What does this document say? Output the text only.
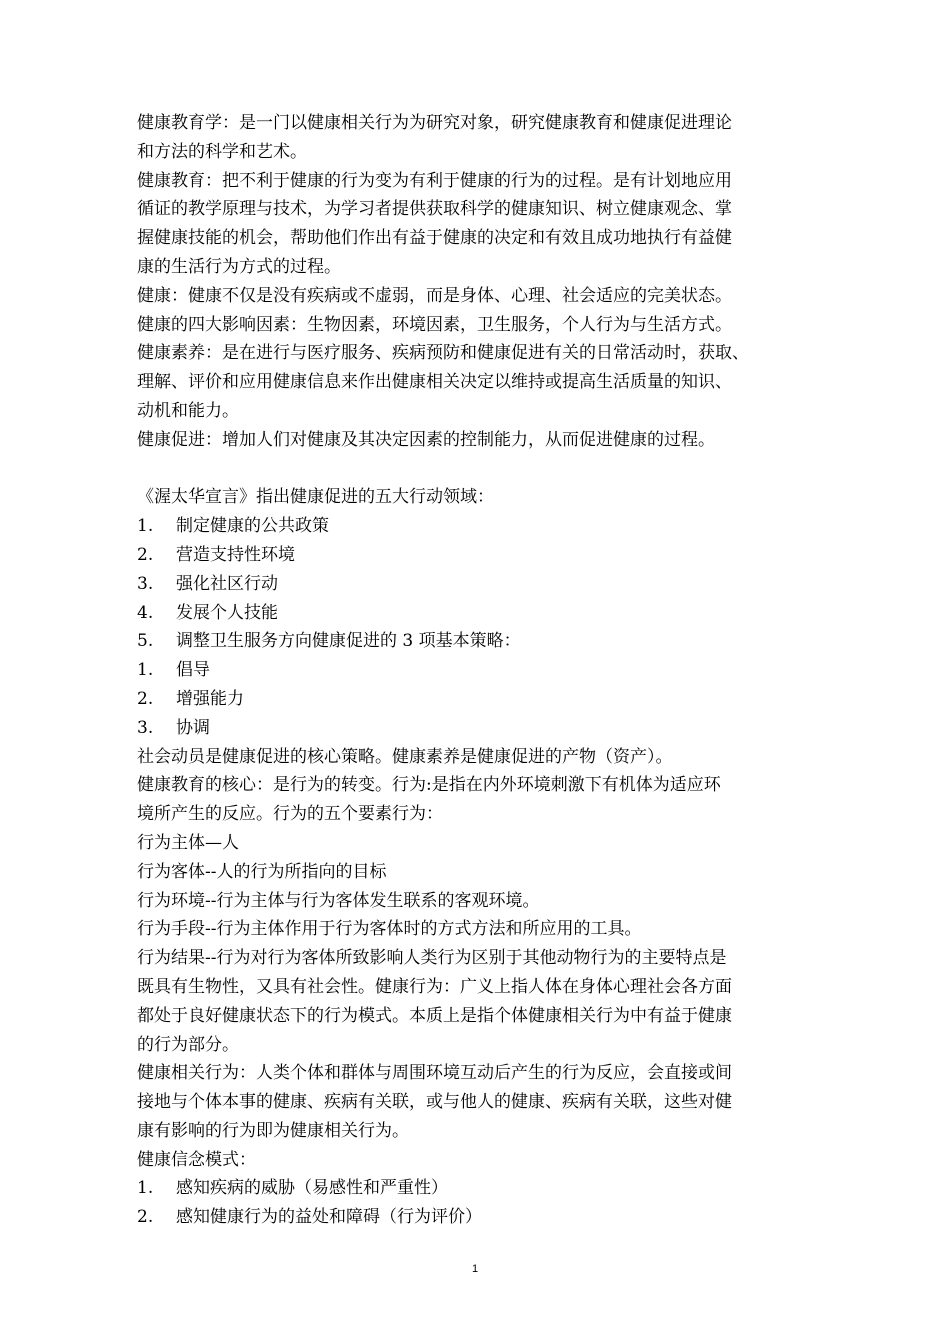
健康教育学：是一门以健康相关行为为研究对象，研究健康教育和健康促进理论
和方法的科学和艺术。
健康教育：把不利于健康的行为变为有利于健康的行为的过程。是有计划地应用
循证的教学原理与技术，为学习者提供获取科学的健康知识、树立健康观念、掌
握健康技能的机会，帮助他们作出有益于健康的决定和有效且成功地执行有益健
康的生活行为方式的过程。
健康：健康不仅是没有疾病或不虚弱，而是身体、心理、社会适应的完美状态。
健康的四大影响因素：生物因素，环境因素，卫生服务，个人行为与生活方式。
健康素养：是在进行与医疗服务、疾病预防和健康促进有关的日常活动时，获取、
理解、评价和应用健康信息来作出健康相关决定以维持或提高生活质量的知识、
动机和能力。
健康促进：增加人们对健康及其决定因素的控制能力，从而促进健康的过程。
《渥太华宣言》指出健康促进的五大行动领域：
1. 制定健康的公共政策
2. 营造支持性环境
3. 强化社区行动
4. 发展个人技能
5. 调整卫生服务方向健康促进的 3 项基本策略：
1. 倡导
2. 增强能力
3. 协调
社会动员是健康促进的核心策略。健康素养是健康促进的产物（资产）。
健康教育的核心：是行为的转变。行为:是指在内外环境刺激下有机体为适应环
境所产生的反应。行为的五个要素行为：
行为主体—人
行为客体--人的行为所指向的目标
行为环境--行为主体与行为客体发生联系的客观环境。
行为手段--行为主体作用于行为客体时的方式方法和所应用的工具。
行为结果--行为对行为客体所致影响人类行为区别于其他动物行为的主要特点是
既具有生物性，又具有社会性。健康行为：广义上指人体在身体心理社会各方面
都处于良好健康状态下的行为模式。本质上是指个体健康相关行为中有益于健康
的行为部分。
健康相关行为：人类个体和群体与周围环境互动后产生的行为反应，会直接或间
接地与个体本事的健康、疾病有关联，或与他人的健康、疾病有关联，这些对健
康有影响的行为即为健康相关行为。
健康信念模式：
1. 感知疾病的威胁（易感性和严重性）
2. 感知健康行为的益处和障碍（行为评价）
1
